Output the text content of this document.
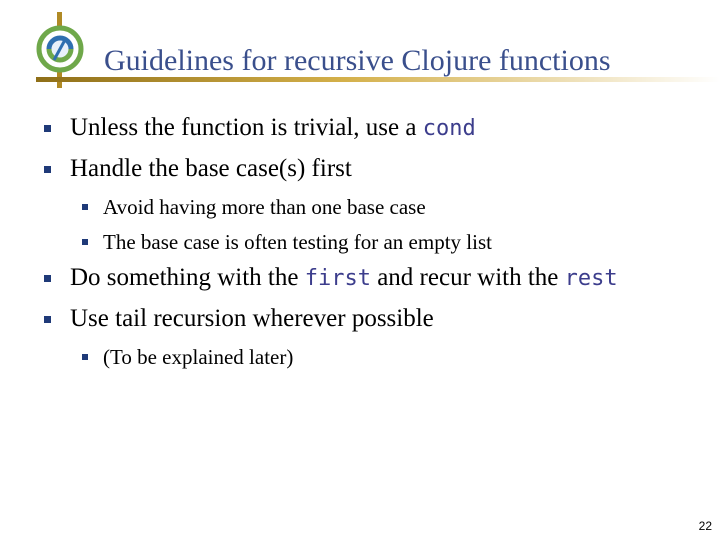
Guidelines for recursive Clojure functions
Unless the function is trivial, use a cond
Handle the base case(s) first
Avoid having more than one base case
The base case is often testing for an empty list
Do something with the first and recur with the rest
Use tail recursion wherever possible
(To be explained later)
22
